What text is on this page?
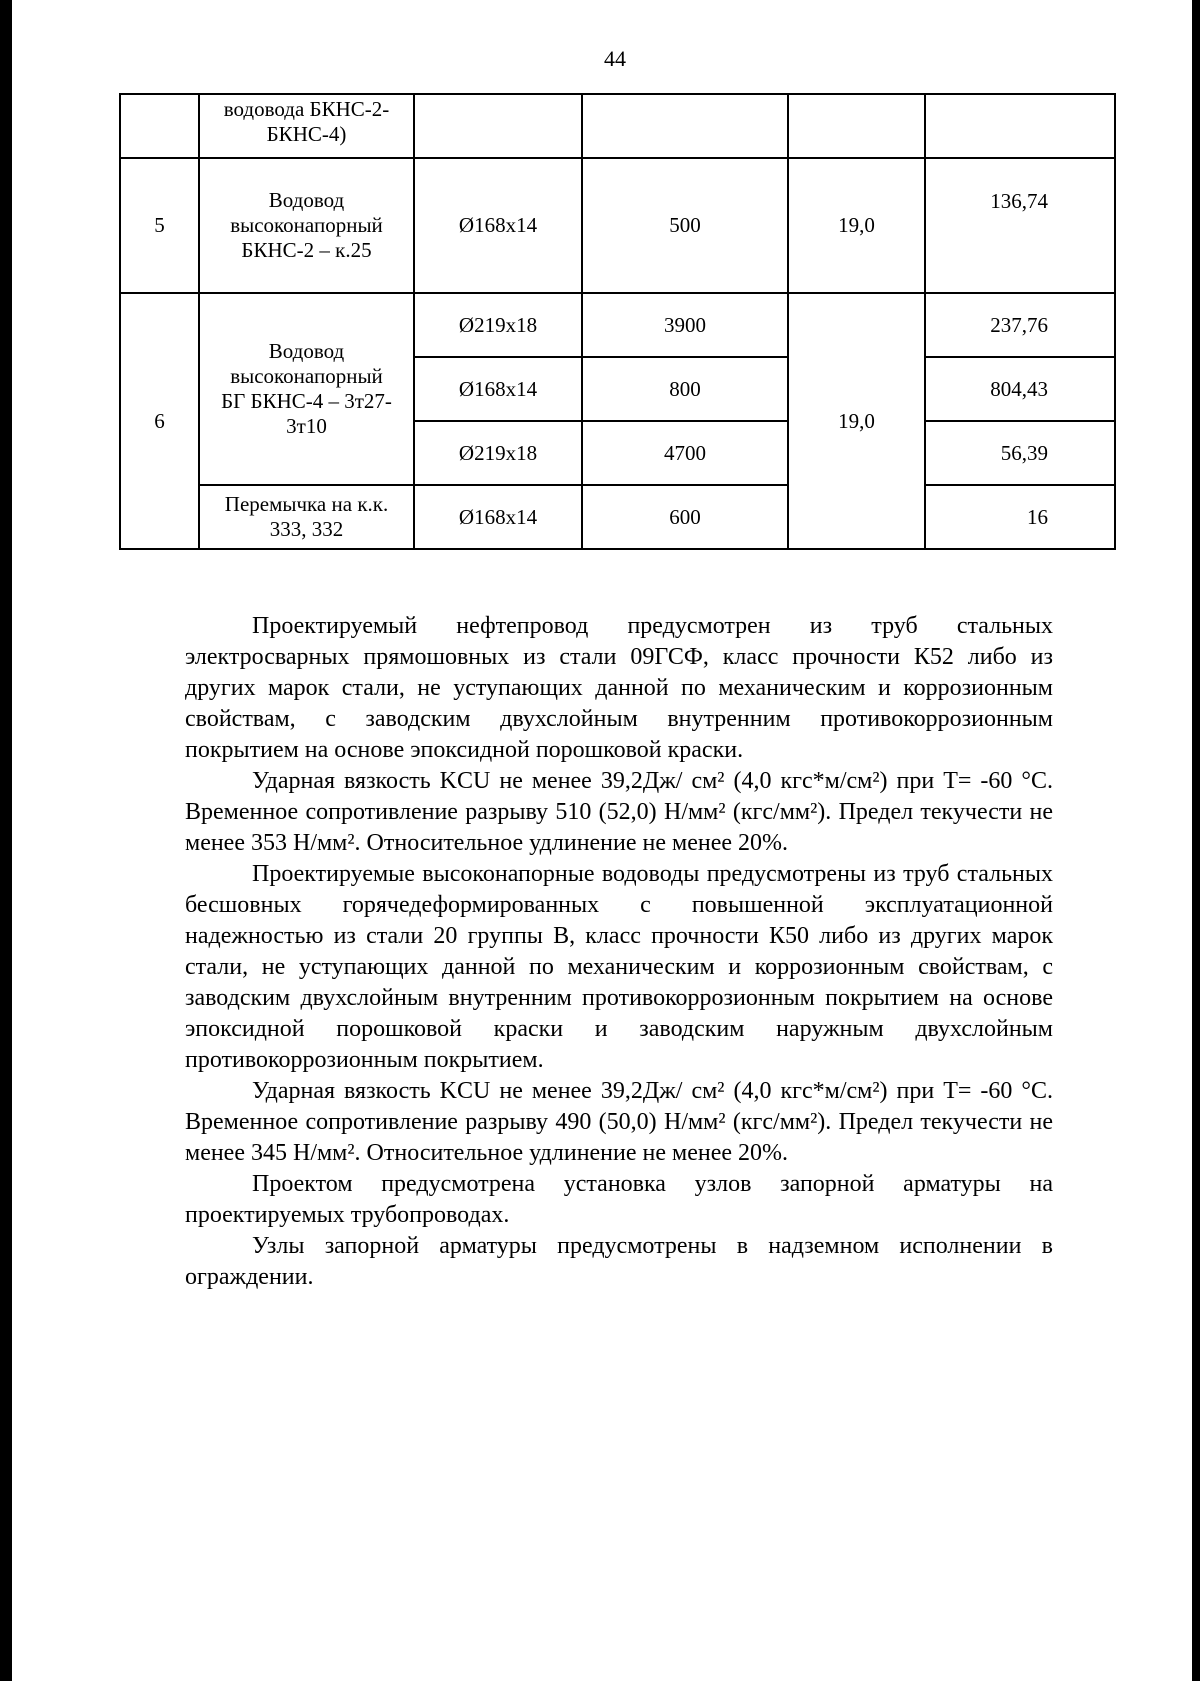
44
	водовода БКНС-2-
БКНС-4)				
5	Водовод
высоконапорный
БКНС-2 – к.25	Ø168x14	500	19,0	136,74
6	Водовод
высоконапорный
БГ БКНС-4 – 3т27-
3т10	Ø219x18	3900	19,0	237,76
		Ø168x14	800		804,43
		Ø219x18	4700		56,39
	Перемычка на к.к.
333, 332	Ø168x14	600		16

Проектируемый нефтепровод предусмотрен из труб стальных электросварных прямошовных из стали 09ГСФ, класс прочности К52 либо из других марок стали, не уступающих данной по механическим и коррозионным свойствам, с заводским двухслойным внутренним противокоррозионным покрытием на основе эпоксидной порошковой краски.

Ударная вязкость KCU не менее 39,2Дж/ см² (4,0 кгс*м/см²) при Т= -60 °С. Временное сопротивление разрыву 510 (52,0) Н/мм² (кгс/мм²). Предел текучести не менее 353 Н/мм². Относительное удлинение не менее 20%.

Проектируемые высоконапорные водоводы предусмотрены из труб стальных бесшовных горячедеформированных с повышенной эксплуатационной надежностью из стали 20 группы В, класс прочности К50 либо из других марок стали, не уступающих данной по механическим и коррозионным свойствам, с заводским двухслойным внутренним противокоррозионным покрытием на основе эпоксидной порошковой краски и заводским наружным двухслойным противокоррозионным покрытием.

Ударная вязкость KCU не менее 39,2Дж/ см² (4,0 кгс*м/см²) при Т= -60 °С. Временное сопротивление разрыву 490 (50,0) Н/мм² (кгс/мм²). Предел текучести не менее 345 Н/мм². Относительное удлинение не менее 20%.

Проектом предусмотрена установка узлов запорной арматуры на проектируемых трубопроводах.

Узлы запорной арматуры предусмотрены в надземном исполнении в ограждении.
